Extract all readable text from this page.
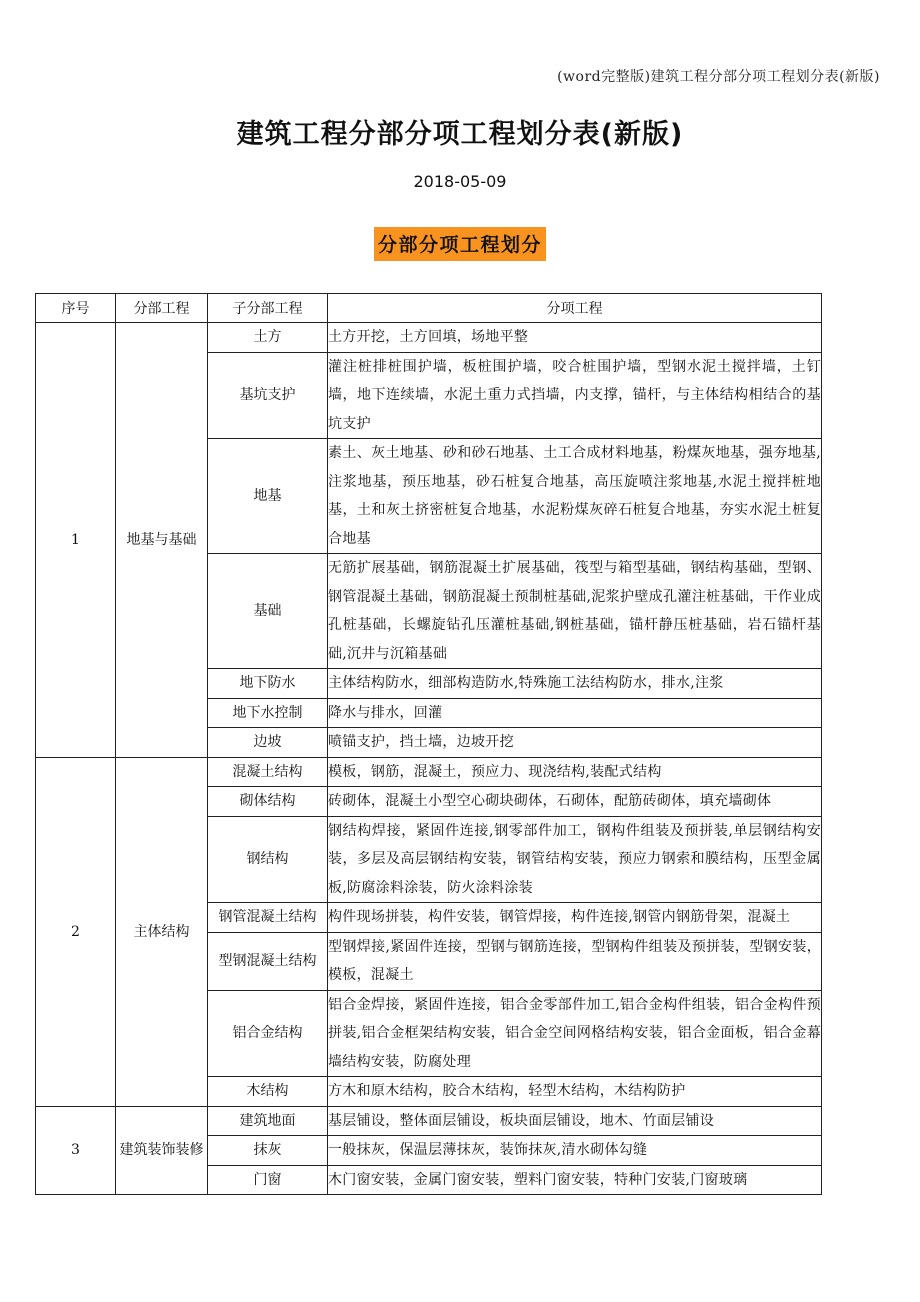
(word完整版)建筑工程分部分项工程划分表(新版)
建筑工程分部分项工程划分表(新版)
2018-05-09
分部分项工程划分
序号	分部工程	子分部工程	分项工程
1	地基与基础	土方	土方开挖，土方回填，场地平整
		基坑支护	灌注桩排桩围护墙，板桩围护墙，咬合桩围护墙，型钢水泥土搅拌墙，土钉墙，地下连续墙，水泥土重力式挡墙，内支撑，锚杆，与主体结构相结合的基坑支护
		地基	素土、灰土地基、砂和砂石地基、土工合成材料地基，粉煤灰地基，强夯地基,注浆地基，预压地基，砂石桩复合地基，高压旋喷注浆地基,水泥土搅拌桩地基，土和灰土挤密桩复合地基，水泥粉煤灰碎石桩复合地基，夯实水泥土桩复合地基
		基础	无筋扩展基础，钢筋混凝土扩展基础，筏型与箱型基础，钢结构基础，型钢、钢管混凝土基础，钢筋混凝土预制桩基础,泥浆护壁成孔灌注桩基础，干作业成孔桩基础，长螺旋钻孔压灌桩基础,钢桩基础，锚杆静压桩基础，岩石锚杆基础,沉井与沉箱基础
		地下防水	主体结构防水，细部构造防水,特殊施工法结构防水，排水,注浆
		地下水控制	降水与排水，回灌
		边坡	喷锚支护，挡土墙，边坡开挖
2	主体结构	混凝土结构	模板，钢筋，混凝土，预应力、现浇结构,装配式结构
		砌体结构	砖砌体，混凝土小型空心砌块砌体，石砌体，配筋砖砌体，填充墙砌体
		钢结构	钢结构焊接，紧固件连接,钢零部件加工，钢构件组装及预拼装,单层钢结构安装，多层及高层钢结构安装，钢管结构安装，预应力钢索和膜结构，压型金属板,防腐涂料涂装，防火涂料涂装
		钢管混凝土结构	构件现场拼装，构件安装，钢管焊接，构件连接,钢管内钢筋骨架，混凝土
		型钢混凝土结构	型钢焊接,紧固件连接，型钢与钢筋连接，型钢构件组装及预拼装，型钢安装，模板，混凝土
		铝合金结构	铝合金焊接，紧固件连接，铝合金零部件加工,铝合金构件组装，铝合金构件预拼装,铝合金框架结构安装，铝合金空间网格结构安装，铝合金面板，铝合金幕墙结构安装，防腐处理
		木结构	方木和原木结构，胶合木结构，轻型木结构，木结构防护
3	建筑装饰装修	建筑地面	基层铺设，整体面层铺设，板块面层铺设，地木、竹面层铺设
		抹灰	一般抹灰，保温层薄抹灰，装饰抹灰,清水砌体勾缝
		门窗	木门窗安装，金属门窗安装，塑料门窗安装，特种门安装,门窗玻璃
